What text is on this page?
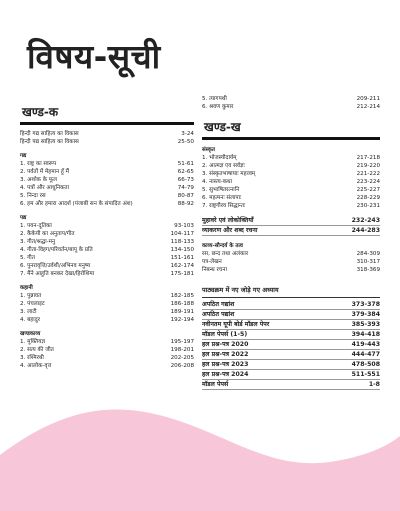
विषय-सूची
खण्ड-क
हिन्दी गद्य साहित्य का विकास	3-24
हिन्दी पद्य साहित्य का विकास	25-50
गद्य
1. राष्ट्र का स्वरूप	51-61
2. पर्वतों में मेहमान हूँ मैं	62-65
3. अशोक के फूल	66-73
4. पत्रों और आधुनिकता	74-79
5. निन्दा रस	80-87
6. हम और हमारा आदर्श (पंजाबी सन के संपादित अंश)	88-92
पद्य
1. पवन-दूतिका	93-103
2. कैकेयी का अनुताप/गीत	104-117
3. गीत/श्रद्धा-मनु	118-133
4. गीता-विहग/परिवर्तन/बापू के प्रति	134-150
5. गीत	151-161
6. पुनरावृत्ति/उर्वशी/अभिनव मनुष्य	162-174
7. मैंने आहुति बनकर देखा/हिरोशिमा	175-181
कहानी
1. पुन्नावत	182-185
2. पंचलाइट	186-188
3. लाटी	189-191
4. बहादुर	192-194
खण्डकाव्य
1. मुक्तियज्ञ	195-197
2. सत्य की जीत	198-201
3. रश्मिरथी	202-205
4. आलोक-वृत्त	206-208
5. त्यागपथी	209-211
6. श्रवण कुमार	212-214
खण्ड-ख
संस्कृत
1. भोजस्यौदार्यम्	217-218
2. आत्मज्ञ एव सर्वज्ञः	219-220
3. संस्कृतभाषायाः महत्त्वम्	221-222
4. नास्त्य-कथा	223-224
5. सुभाषितरत्नानि	225-227
6. महत्मनः संलापाः	228-229
7. राष्ट्रगौरव सिद्धान्तः	230-231
मुहावरे एवं लोकोक्तियाँ	232-243
व्याकरण और शब्द रचना	244-283
काव्य-सौन्दर्य के तत्व
रस, छन्द तथा अलंकार	284-309
पत्र-लेखन	310-317
निबन्ध रचना	318-369
पाठ्यक्रम में नए जोड़े गए अध्याय
अपठित गद्यांश	373-378
अपठित पद्यांश	379-384
नवीनतम यूपी बोर्ड मॉडल पेपर	385-393
मॉडल पेपर्स (1-5)	394-418
हल प्रश्न-पत्र 2020	419-443
हल प्रश्न-पत्र 2022	444-477
हल प्रश्न-पत्र 2023	478-508
हल प्रश्न-पत्र 2024	511-551
मॉडल पेपर्स	1-8
